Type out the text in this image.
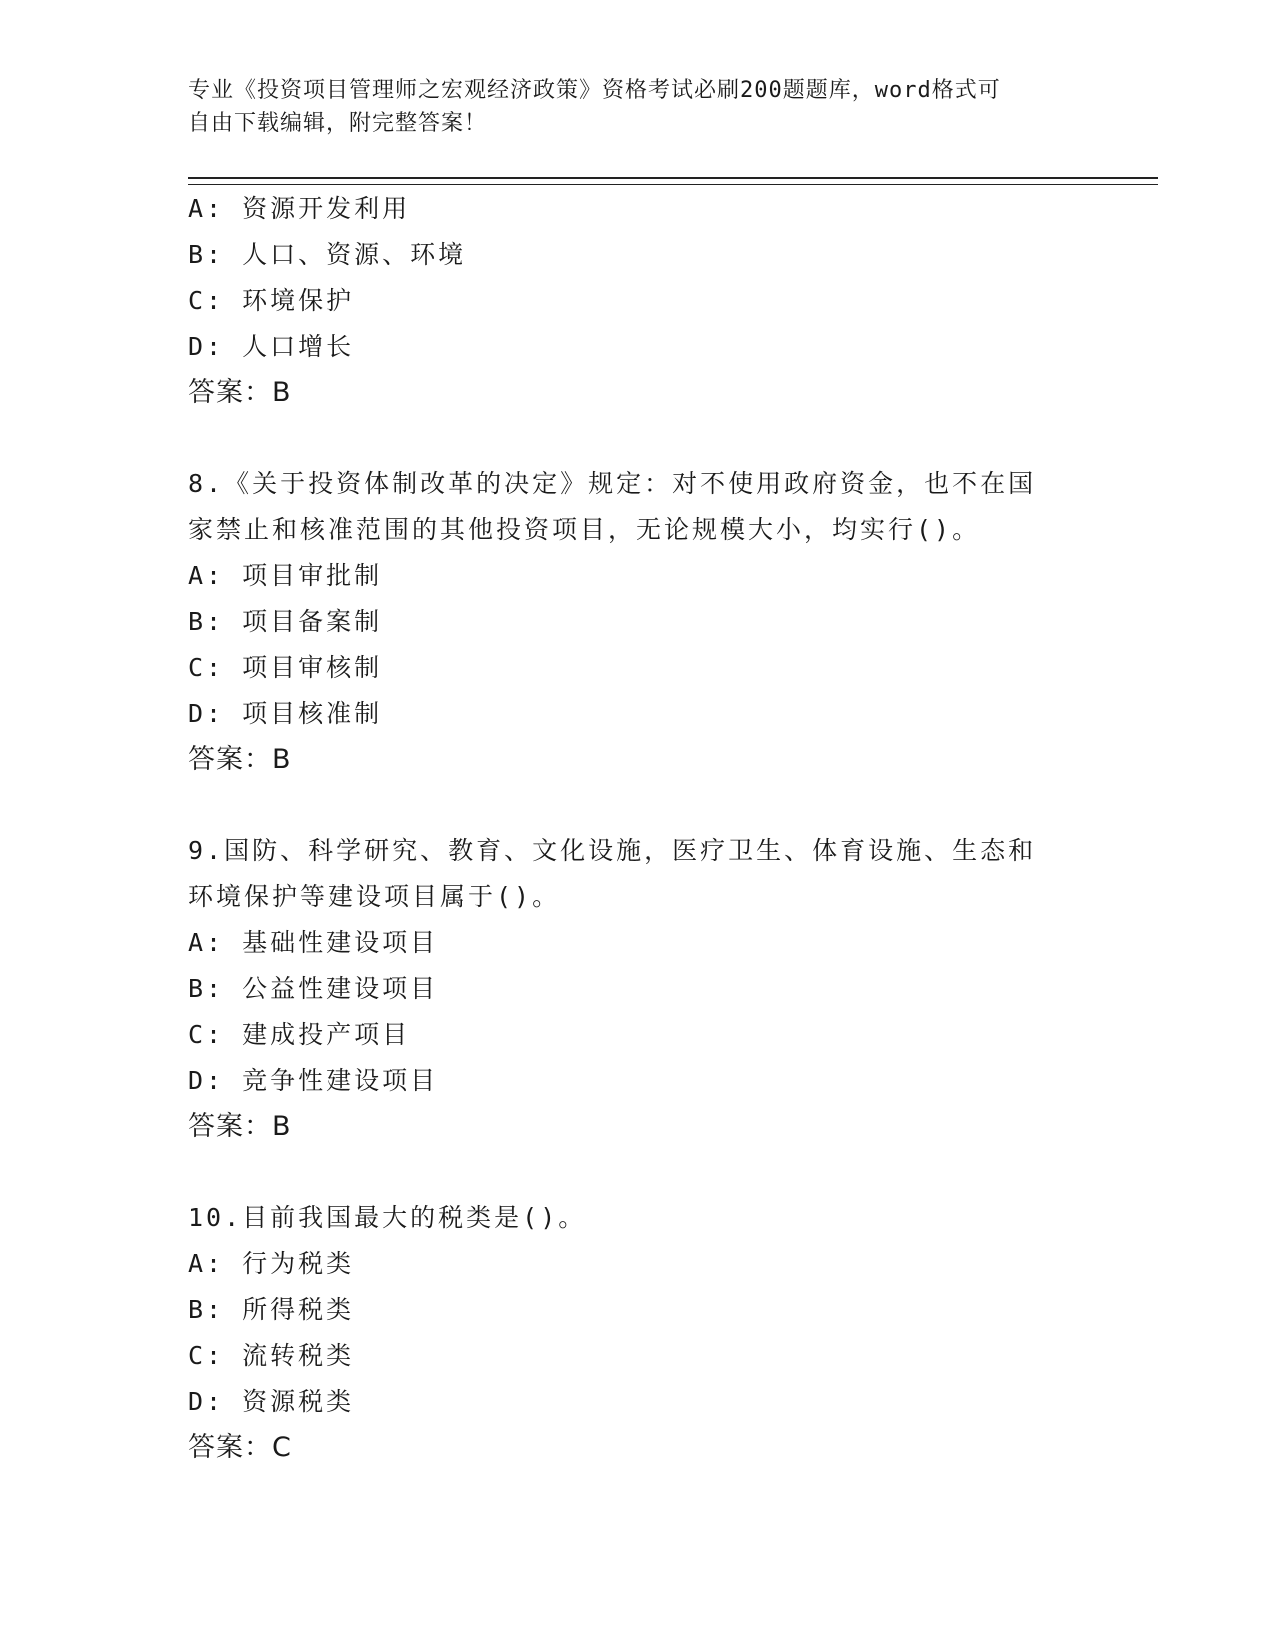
专业《投资项目管理师之宏观经济政策》资格考试必刷200题题库，word格式可
自由下载编辑，附完整答案！
A: 资源开发利用
B: 人口、资源、环境
C: 环境保护
D: 人口增长
答案：B
8.《关于投资体制改革的决定》规定：对不使用政府资金，也不在国
家禁止和核准范围的其他投资项目，无论规模大小，均实行()。
A: 项目审批制
B: 项目备案制
C: 项目审核制
D: 项目核准制
答案：B
9.国防、科学研究、教育、文化设施，医疗卫生、体育设施、生态和
环境保护等建设项目属于()。
A: 基础性建设项目
B: 公益性建设项目
C: 建成投产项目
D: 竞争性建设项目
答案：B
10.目前我国最大的税类是()。
A: 行为税类
B: 所得税类
C: 流转税类
D: 资源税类
答案：C
